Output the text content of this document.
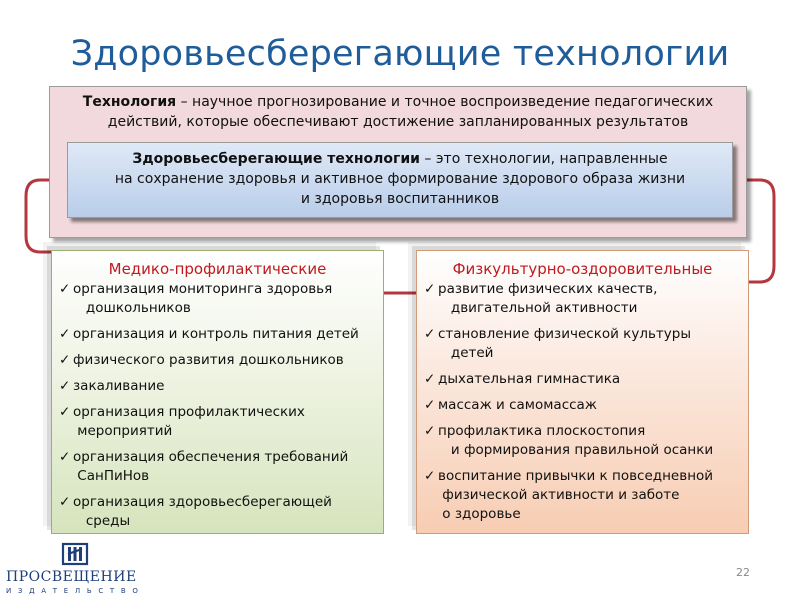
Здоровьесберегающие технологии
Технология – научное прогнозирование и точное воспроизведение педагогических
действий, которые обеспечивают достижение запланированных результатов
Здоровьесберегающие технологии – это технологии, направленные
на сохранение здоровья и активное формирование здорового образа жизни
и здоровья воспитанников
Медико-профилактические
✓ организация мониторинга здоровья
дошкольников
✓ организация и контроль питания детей
✓ физического развития дошкольников
✓ закаливание
✓ организация профилактических
мероприятий
✓ организация обеспечения требований
СанПиНов
✓ организация здоровьесберегающей
среды
Физкультурно-оздоровительные
✓ развитие физических качеств,
двигательной активности
✓ становление физической культуры
детей
✓ дыхательная гимнастика
✓ массаж и самомассаж
✓ профилактика плоскостопия
и формирования правильной осанки
✓ воспитание привычки к повседневной
физической активности и заботе
о здоровье
22
ПРОСВЕЩЕНИЕ
ИЗДАТЕЛЬСТВО
